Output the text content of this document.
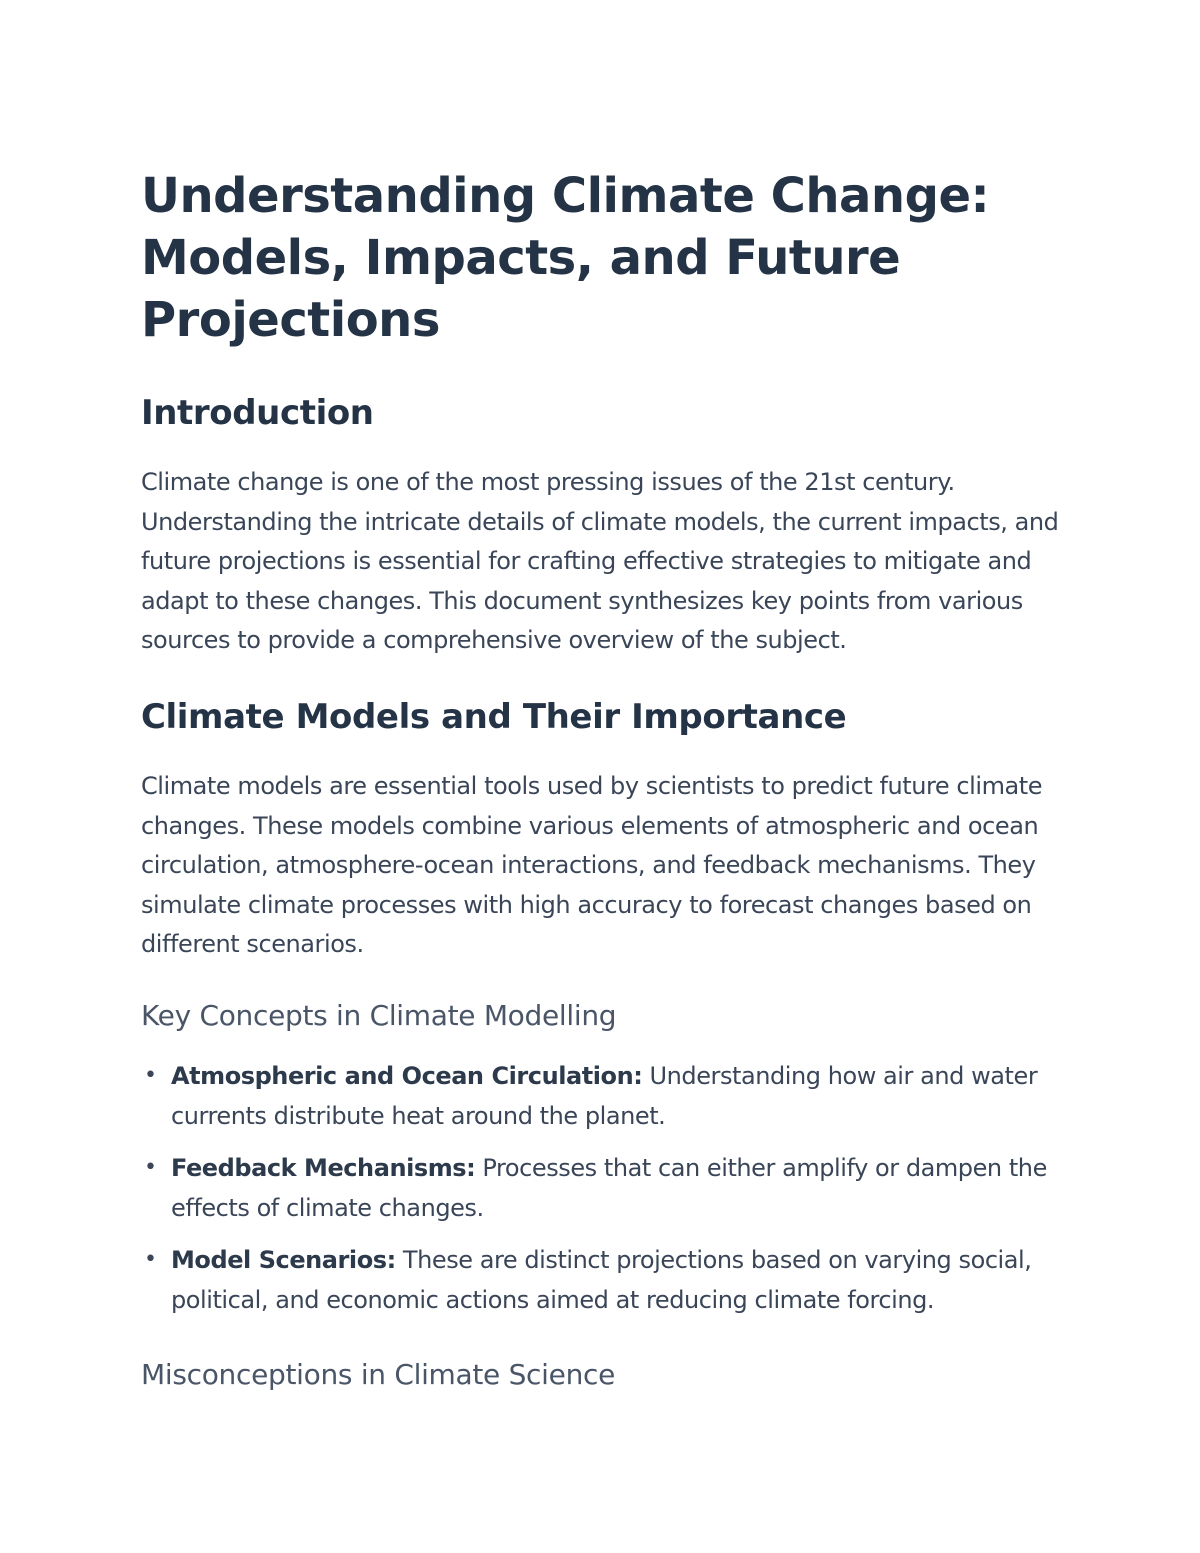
Understanding Climate Change: Models, Impacts, and Future Projections
Introduction

Climate change is one of the most pressing issues of the 21st century. Understanding the intricate details of climate models, the current impacts, and future projections is essential for crafting effective strategies to mitigate and adapt to these changes. This document synthesizes key points from various sources to provide a comprehensive overview of the subject.

Climate Models and Their Importance

Climate models are essential tools used by scientists to predict future climate changes. These models combine various elements of atmospheric and ocean circulation, atmosphere-ocean interactions, and feedback mechanisms. They simulate climate processes with high accuracy to forecast changes based on different scenarios.

Key Concepts in Climate Modelling
• Atmospheric and Ocean Circulation: Understanding how air and water currents distribute heat around the planet.
• Feedback Mechanisms: Processes that can either amplify or dampen the effects of climate changes.
• Model Scenarios: These are distinct projections based on varying social, political, and economic actions aimed at reducing climate forcing.
Misconceptions in Climate Science
